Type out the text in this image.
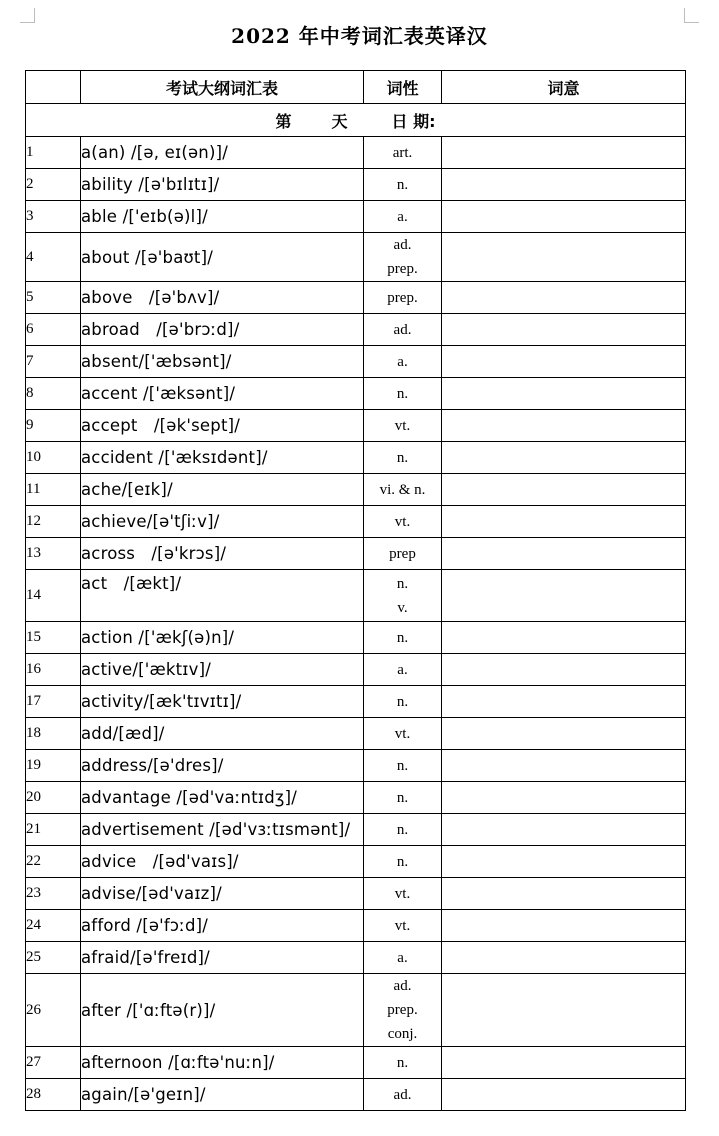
2022 年中考词汇表英译汉
	考试大纲词汇表	词性	词意
第 天 日 期:			
1	a(an) /[ə, eɪ(ən)]/	art.	

2	ability /[ə'bɪlɪtɪ]/	n.	

3	able /['eɪb(ə)l]/	a.	

4	about /[ə'baʊt]/	ad.
prep.	

5	above   /[ə'bʌv]/	prep.	

6	abroad   /[ə'brɔːd]/	ad.	

7	absent/['æbsənt]/	a.	

8	accent /['æksənt]/	n.	

9	accept   /[ək'sept]/	vt.	

10	accident /['æksɪdənt]/	n.	

11	ache/[eɪk]/	vi. & n.	

12	achieve/[ə'tʃiːv]/	vt.	

13	across   /[ə'krɔs]/	prep	

14	act   /[ækt]/	n.
v.	

15	action /['ækʃ(ə)n]/	n.	

16	active/['æktɪv]/	a.	

17	activity/[æk'tɪvɪtɪ]/	n.	

18	add/[æd]/	vt.	

19	address/[ə'dres]/	n.	

20	advantage /[əd'vaːntɪdʒ]/	n.	

21	advertisement /[əd'vɜːtɪsmənt]/	n.	

22	advice   /[əd'vaɪs]/	n.	

23	advise/[əd'vaɪz]/	vt.	

24	afford /[ə'fɔːd]/	vt.	

25	afraid/[ə'freɪd]/	a.	

26	after /['ɑːftə(r)]/	ad.
prep.
conj.	

27	afternoon /[ɑːftə'nuːn]/	n.	

28	again/[ə'geɪn]/	ad.	
